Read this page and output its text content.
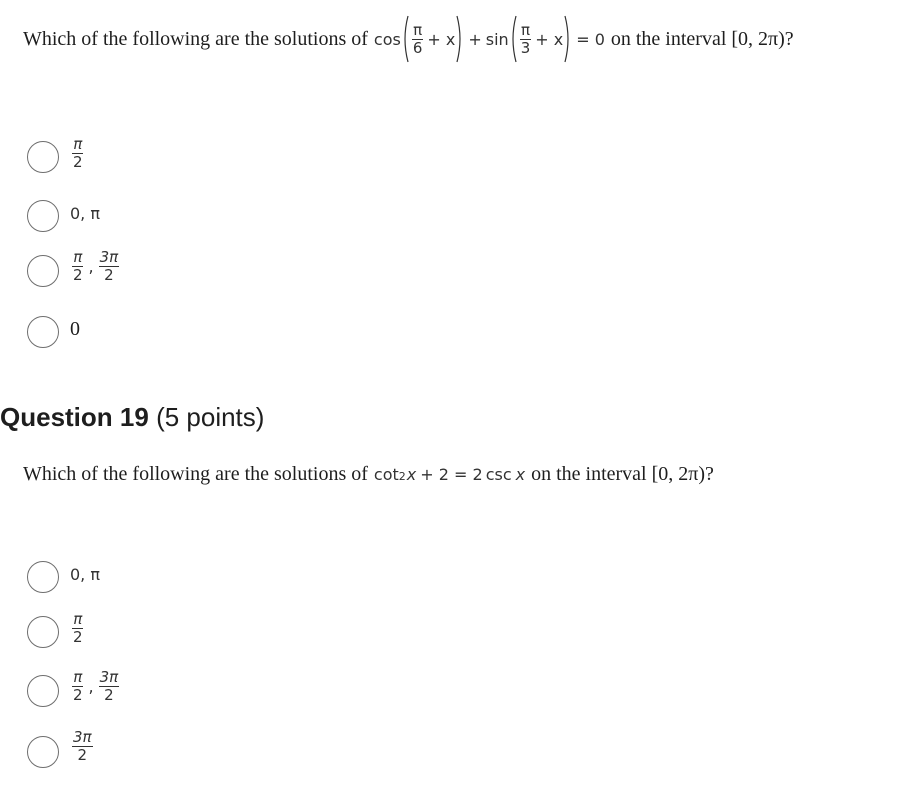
Which of the following are the solutions of $\cos \frac{\pi}{6} + x + \sin \frac{\pi}{3} + x = 0$ on the interval [0, 2π)?
$\frac{\pi}{2}$
0, π
$\frac{\pi}{2}$ , $\frac{3\pi}{2}$
0
Question 19 (5 points)
Which of the following are the solutions of cot 2 x + 2 = 2 csc x on the interval [0, 2π)?
0, π
$\frac{\pi}{2}$
$\frac{\pi}{2}$ , $\frac{3\pi}{2}$
$\frac{3\pi}{2}$
